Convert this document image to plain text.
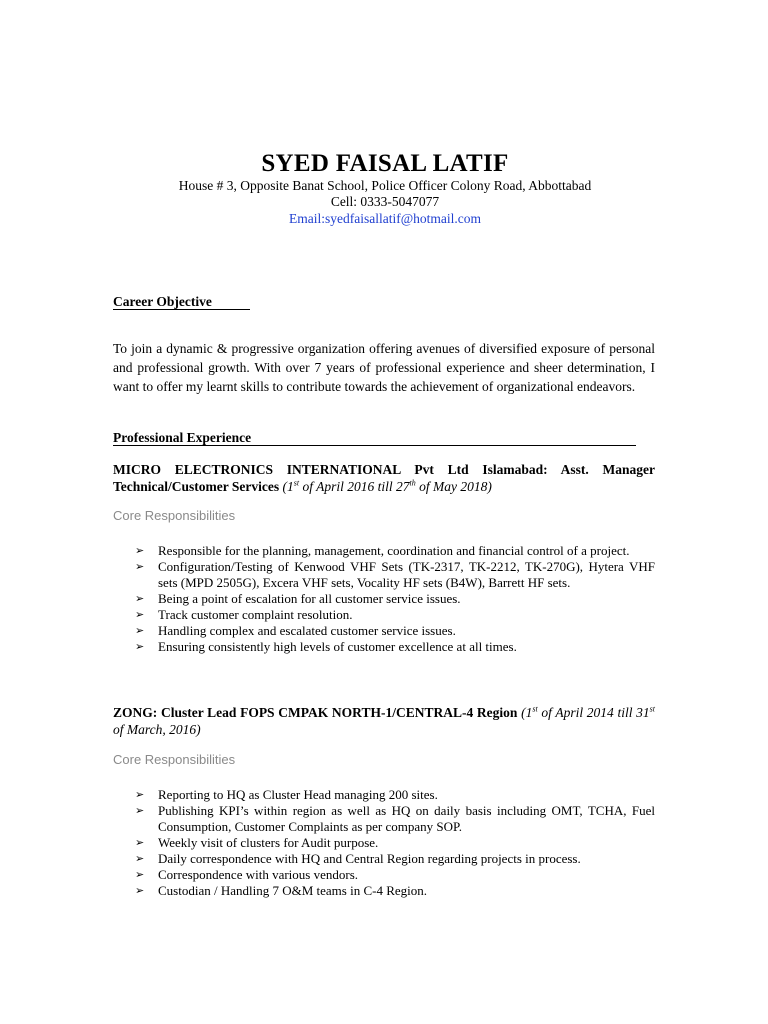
SYED FAISAL LATIF
House # 3, Opposite Banat School, Police Officer Colony Road, Abbottabad
Cell: 0333-5047077
Email:syedfaisallatif@hotmail.com
Career Objective
To join a dynamic & progressive organization offering avenues of diversified exposure of personal and professional growth. With over 7 years of professional experience and sheer determination, I want to offer my learnt skills to contribute towards the achievement of organizational endeavors.
Professional Experience
MICRO ELECTRONICS INTERNATIONAL Pvt Ltd Islamabad: Asst. Manager Technical/Customer Services (1st of April 2016 till 27th of May 2018)
Core Responsibilities
➢ Responsible for the planning, management, coordination and financial control of a project.
➢ Configuration/Testing of Kenwood VHF Sets (TK-2317, TK-2212, TK-270G), Hytera VHF sets (MPD 2505G), Excera VHF sets, Vocality HF sets (B4W), Barrett HF sets.
➢ Being a point of escalation for all customer service issues.
➢ Track customer complaint resolution.
➢ Handling complex and escalated customer service issues.
➢ Ensuring consistently high levels of customer excellence at all times.
ZONG: Cluster Lead FOPS CMPAK NORTH-1/CENTRAL-4 Region (1st of April 2014 till 31st of March, 2016)
Core Responsibilities
➢ Reporting to HQ as Cluster Head managing 200 sites.
➢ Publishing KPI’s within region as well as HQ on daily basis including OMT, TCHA, Fuel Consumption, Customer Complaints as per company SOP.
➢ Weekly visit of clusters for Audit purpose.
➢ Daily correspondence with HQ and Central Region regarding projects in process.
➢ Correspondence with various vendors.
➢ Custodian / Handling 7 O&M teams in C-4 Region.
